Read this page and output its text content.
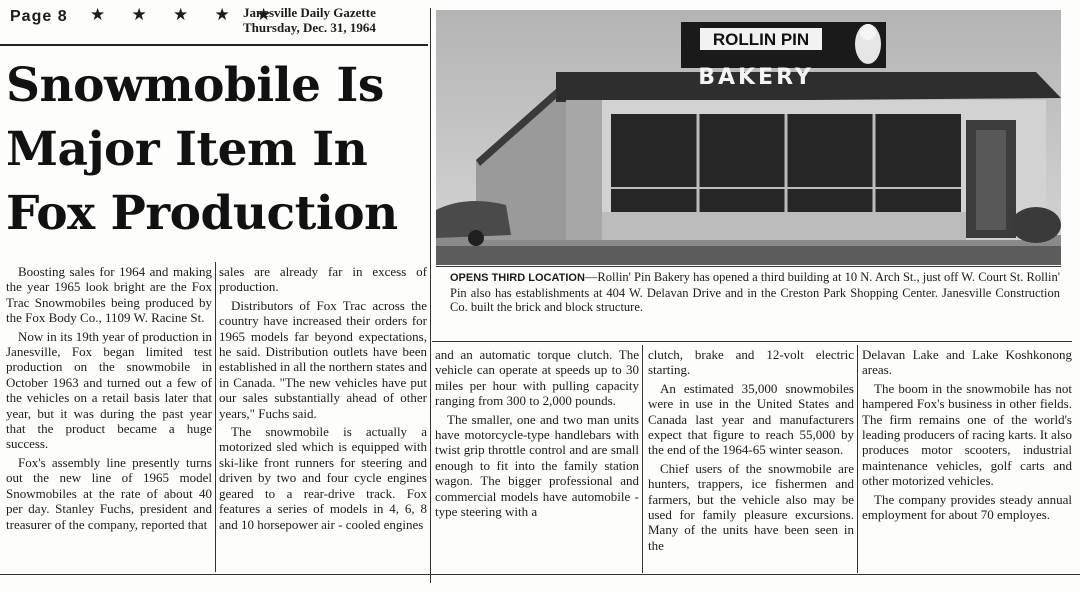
Page 8 ★ ★ ★ ★ ★
Janesville Daily Gazette
Thursday, Dec. 31, 1964
Snowmobile Is
Major Item In
Fox Production
ROLLIN PIN
BAKERY
OPENS THIRD LOCATION—Rollin' Pin Bakery has opened a third building at 10 N. Arch St., just off W. Court St. Rollin' Pin also has establishments at 404 W. Delavan Drive and in the Creston Park Shopping Center. Janesville Construction Co. built the brick and block structure.

Boosting sales for 1964 and making the year 1965 look bright are the Fox Trac Snowmobiles being produced by the Fox Body Co., 1109 W. Racine St.

Now in its 19th year of production in Janesville, Fox began limited test production on the snowmobile in October 1963 and turned out a few of the vehicles on a retail basis later that year, but it was during the past year that the product became a huge success.

Fox's assembly line presently turns out the new line of 1965 model Snowmobiles at the rate of about 40 per day. Stanley Fuchs, president and treasurer of the company, reported that

sales are already far in excess of production.

Distributors of Fox Trac across the country have increased their orders for 1965 models far beyond expectations, he said. Distribution outlets have been established in all the northern states and in Canada. "The new vehicles have put our sales substantially ahead of other years," Fuchs said.

The snowmobile is actually a motorized sled which is equipped with ski-like front runners for steering and driven by two and four cycle engines geared to a rear-drive track. Fox features a series of models in 4, 6, 8 and 10 horsepower air - cooled engines

and an automatic torque clutch. The vehicle can operate at speeds up to 30 miles per hour with pulling capacity ranging from 300 to 2,000 pounds.

The smaller, one and two man units have motorcycle-type handlebars with twist grip throttle control and are small enough to fit into the family station wagon. The bigger professional and commercial models have automobile - type steering with a

clutch, brake and 12-volt electric starting.

An estimated 35,000 snowmobiles were in use in the United States and Canada last year and manufacturers expect that figure to reach 55,000 by the end of the 1964-65 winter season.

Chief users of the snowmobile are hunters, trappers, ice fishermen and farmers, but the vehicle also may be used for family pleasure excursions. Many of the units have been seen in the

Delavan Lake and Lake Koshkonong areas.

The boom in the snowmobile has not hampered Fox's business in other fields. The firm remains one of the world's leading producers of racing karts. It also produces motor scooters, industrial maintenance vehicles, golf carts and other motorized vehicles.

The company provides steady annual employment for about 70 employes.
